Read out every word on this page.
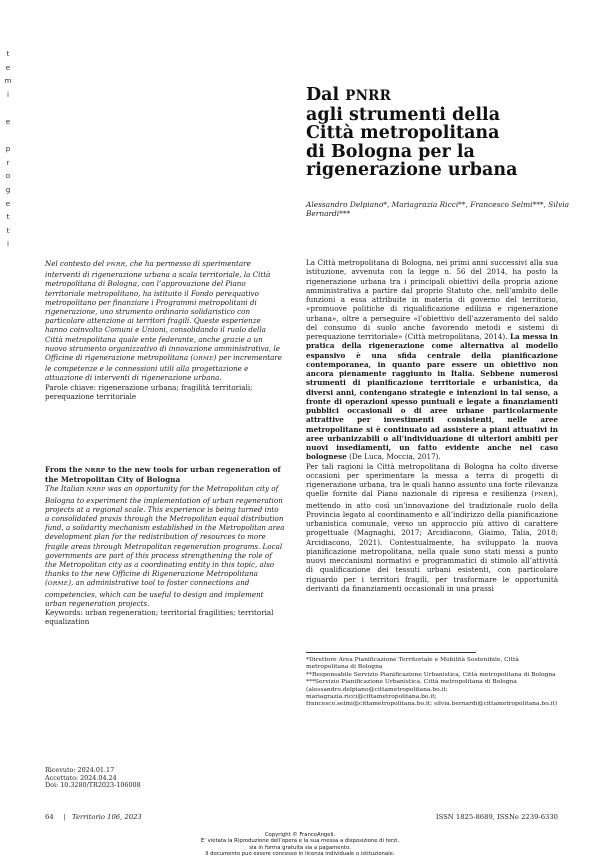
t
e
m
i

e

p
r
o
g
e
t
t
i
Dal PNRR
agli strumenti della
Città metropolitana
di Bologna per la
rigenerazione urbana
Alessandro Delpiano*, Mariagrazia Ricci**, Francesco Selmi***, Silvia Bernardi***

Nel contesto del PNRR, che ha permesso di sperimentare interventi di rigenerazione urbana a scala territoriale, la Città metropolitana di Bologna, con l’approvazione del Piano territoriale metropolitano, ha istituito il Fondo perequativo metropolitano per finanziare i Programmi metropolitani di rigenerazione, uno strumento ordinario solidaristico con particolare attenzione ai territori fragili. Queste esperienze hanno coinvolto Comuni e Unioni, consolidando il ruolo della Città metropolitana quale ente federante, anche grazie a un nuovo strumento organizzativo di innovazione amministrativa, le Officine di rigenerazione metropolitana (ORME) per incrementare le competenze e le connessioni utili alla progettazione e attuazione di interventi di rigenerazione urbana.

Parole chiave: rigenerazione urbana; fragilità territoriali; perequazione territoriale

From the NRRP to the new tools for urban regeneration of the Metropolitan City of Bologna

The Italian NRRP was an opportunity for the Metropolitan city of Bologna to experiment the implementation of urban regeneration projects at a regional scale. This experience is being turned into a consolidated praxis through the Metropolitan equal distribution fund, a solidarity mechanism established in the Metropolitan area development plan for the redistribution of resources to more fragile areas through Metropolitan regeneration programs. Local governments are part of this process strengthening the role of the Metropolitan city as a coordinating entity in this topic, also thanks to the new Officine di Rigenerazione Metropolitana (ORME), an administrative tool to foster connections and competencies, which can be useful to design and implement urban regeneration projects.

Keywords: urban regeneration; territorial fragilities; territorial equalization

La Città metropolitana di Bologna, nei primi anni successivi alla sua istituzione, avvenuta con la legge n. 56 del 2014, ha posto la rigenerazione urbana tra i principali obiettivi della propria azione amministrativa a partire dal proprio Statuto che, nell’ambito delle funzioni a essa attribuite in materia di governo del territorio, «promuove politiche di riqualificazione edilizia e rigenerazione urbana», oltre a perseguire «l’obiettivo dell’azzeramento del saldo del consumo di suolo anche favorendo metodi e sistemi di perequazione territoriale» (Città metropolitana, 2014). La messa in pratica della rigenerazione come alternativa al modello espansivo è una sfida centrale della pianificazione contemporanea, in quanto pare essere un obiettivo non ancora pienamente raggiunto in Italia. Sebbene numerosi strumenti di pianificazione territoriale e urbanistica, da diversi anni, contengano strategie e intenzioni in tal senso, a fronte di operazioni spesso puntuali e legate a finanziamenti pubblici occasionali o di aree urbane particolarmente attrattive per investimenti consistenti, nelle aree metropolitane si è continuato ad assistere a piani attuativi in aree urbanizzabili o all’individuazione di ulteriori ambiti per nuovi insediamenti, un fatto evidente anche nel caso bolognese (De Luca, Moccia, 2017).

Per tali ragioni la Città metropolitana di Bologna ha colto diverse occasioni per sperimentare la messa a terra di progetti di rigenerazione urbana, tra le quali hanno assunto una forte rilevanza quelle fornite dal Piano nazionale di ripresa e resilienza (PNRR), mettendo in atto così un’innovazione del tradizionale ruolo della Provincia legato al coordinamento e all’indirizzo della pianificazione urbanistica comunale, verso un approccio più attivo di carattere progettuale (Magnaghi, 2017; Arcidiacono, Giaimo, Talia, 2018; Arcidiacono, 2021). Contestualmente, ha sviluppato la nuova pianificazione metropolitana, nella quale sono stati messi a punto nuovi meccanismi normativi e programmatici di stimolo all’attività di qualificazione dei tessuti urbani esistenti, con particolare riguardo per i territori fragili, per trasformare le opportunità derivanti da finanziamenti occasionali in una prassi

*Direttore Area Pianificazione Territoriale e Mobilità Sostenibile, Città metropolitana di Bologna

**Responsabile Servizio Pianificazione Urbanistica, Città metropolitana di Bologna

***Servizio Pianificazione Urbanistica, Città metropolitana di Bologna (alessandro.delpiano@cittametropolitana.bo.it; mariagrazia.ricci@cittametropolitana.bo.it; francesco.selmi@cittametropolitana.bo.it; silvia.bernardi@cittametropolitana.bo.it)

Ricevuto: 2024.01.17

Accettato: 2024.04.24

Doi: 10.3280/TR2023-106008

64 | Territorio 106, 2023	ISSN 1825-8689, ISSNe 2239-6330

Copyright © FrancoAngeli.

E’ vietata la Riproduzione dell’opera e la sua messa a disposizione di terzi,

sia in forma gratuita sia a pagamento.

Il documento può essere concesso in licenza individuale o istituzionale.
